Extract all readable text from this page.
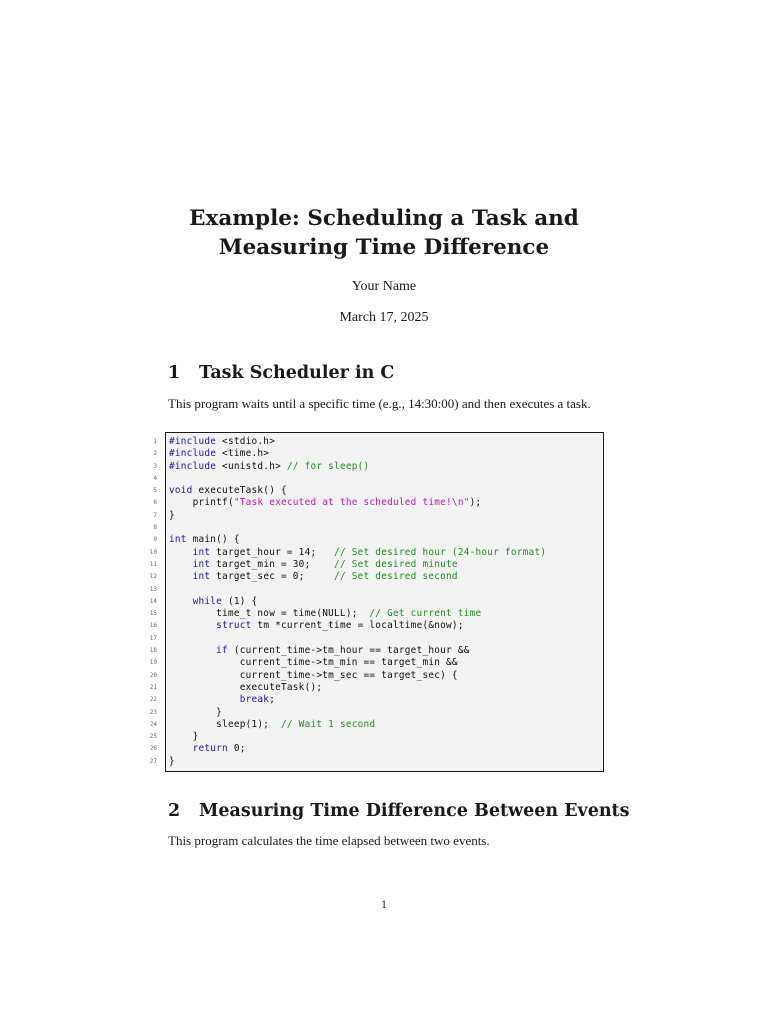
Example: Scheduling a Task and
Measuring Time Difference
Your Name
March 17, 2025
1 Task Scheduler in C
This program waits until a specific time (e.g., 14:30:00) and then executes a task.
1 #include <stdio.h>
2 #include <time.h>
3 #include <unistd.h> // for sleep()
4
5 void executeTask() {
6 printf("Task executed at the scheduled time!\n");
7 }
8
9 int main() {
10	int target_hour = 14;   // Set desired hour (24-hour format)
11	int target_min = 30;    // Set desired minute
12	int target_sec = 0;     // Set desired second
13
14	while (1) {
15 time_t now = time(NULL);  // Get current time
16	struct tm *current_time = localtime(&now);
17
18	if (current_time->tm_hour == target_hour &&
19 current_time->tm_min == target_min &&
20 current_time->tm_sec == target_sec) {
21 executeTask();
22	break;
23 }
24 sleep(1);  // Wait 1 second
25 }
26	return 0;
27 }
2 Measuring Time Difference Between Events
This program calculates the time elapsed between two events.
1
